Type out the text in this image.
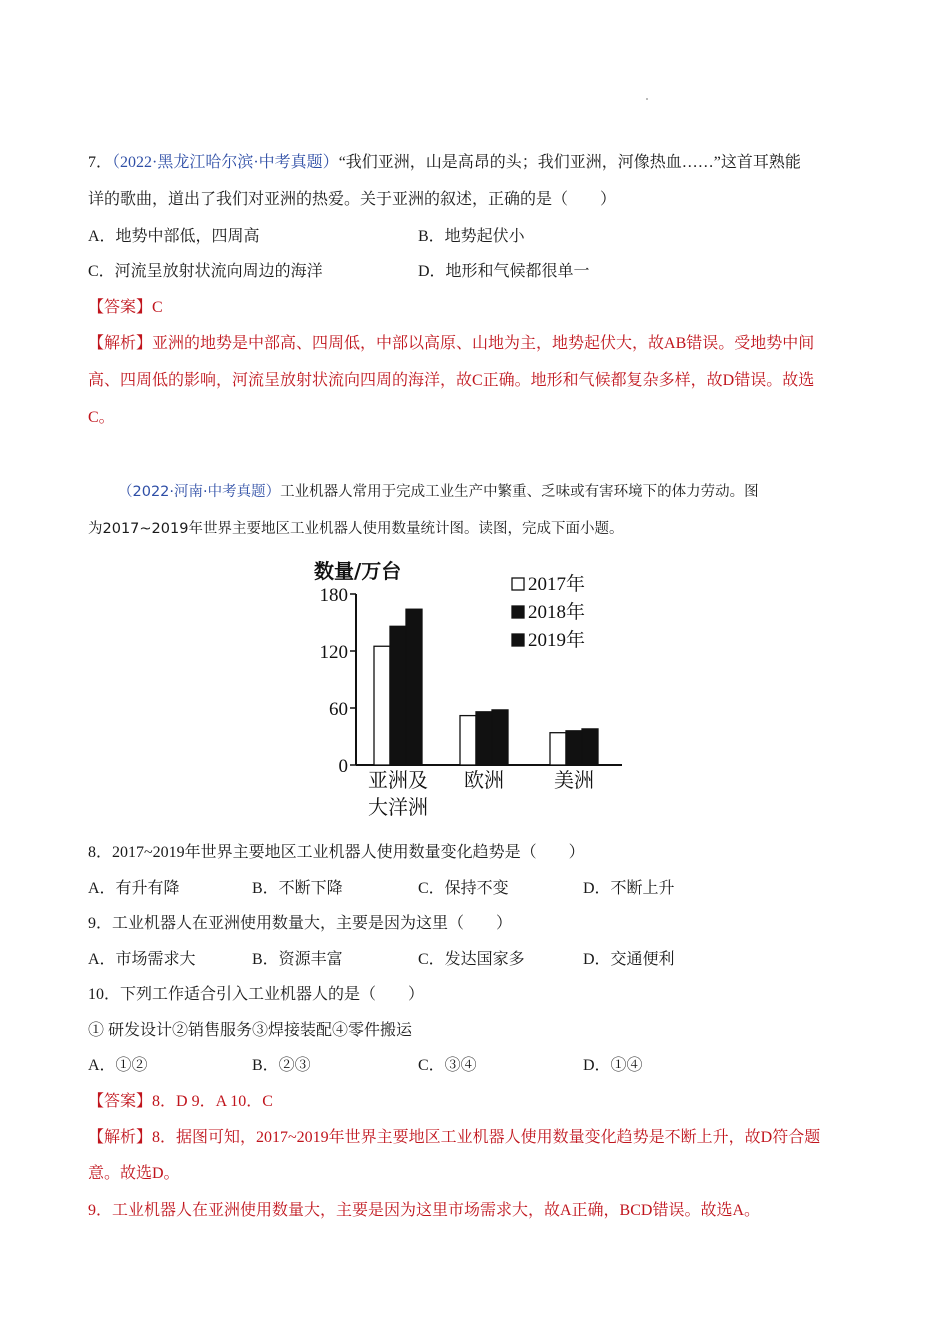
7．（2022·黑龙江哈尔滨·中考真题）“我们亚洲，山是高昂的头；我们亚洲，河像热血……”这首耳熟能
详的歌曲，道出了我们对亚洲的热爱。关于亚洲的叙述，正确的是（　　）
A．地势中部低，四周高	B．地势起伏小
C．河流呈放射状流向周边的海洋	D．地形和气候都很单一
【答案】C
【解析】亚洲的地势是中部高、四周低，中部以高原、山地为主，地势起伏大，故AB错误。受地势中间
高、四周低的影响，河流呈放射状流向四周的海洋，故C正确。地形和气候都复杂多样，故D错误。故选
C。
（2022·河南·中考真题）工业机器人常用于完成工业生产中繁重、乏味或有害环境下的体力劳动。图
为2017~2019年世界主要地区工业机器人使用数量统计图。读图，完成下面小题。
数量/万台
180
120
60
0
亚洲及
大洋洲
欧洲	美洲
2017年
2018年
2019年
8．2017~2019年世界主要地区工业机器人使用数量变化趋势是（　　）
A．有升有降	B．不断下降	C．保持不变	D．不断上升
9．工业机器人在亚洲使用数量大，主要是因为这里（　　）
A．市场需求大	B．资源丰富	C．发达国家多	D．交通便利
10．下列工作适合引入工业机器人的是（　　）
① 研发设计②销售服务③焊接装配④零件搬运
A．①②	B．②③	C．③④	D．①④
【答案】8．D 9．A 10．C
【解析】8．据图可知，2017~2019年世界主要地区工业机器人使用数量变化趋势是不断上升，故D符合题
意。故选D。
9．工业机器人在亚洲使用数量大，主要是因为这里市场需求大，故A正确，BCD错误。故选A。
